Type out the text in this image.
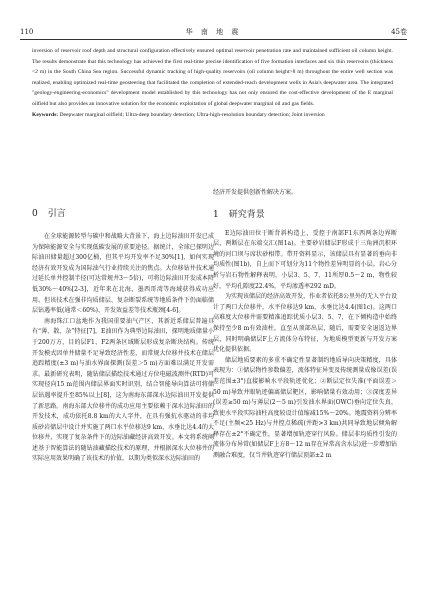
110	华 南 地 震	45卷

inversion of reservoir roof depth and structural configuration effectively ensured optimal reservoir penetration rate and maintained sufficient oil column height. The results demonstrate that this technology has achieved the first real-time precise identification of five formation interfaces and six thin reservoirs (thickness <2 m) in the South China Sea region. Successful dynamic tracking of high-quality reservoirs (oil column height>8 m) throughout the entire well section was realized, enabling optimized real-time geosteering that facilitated the completion of extended-reach development wells in Asia's deepwater area. The integrated "geology-engineering-economics" development model established by this technology has not only ensured the cost-effective development of the E marginal oilfield but also provides an innovative solution for the economic exploitation of global deepwater marginal oil and gas fields.

Keywords: Deepwater marginal oilfield; Ultra-deep boundary detection; Ultra-high-resolution boundary detection; Joint inversion

0 引言

在全球能源转型与碳中和战略大背景下，海上边际油田开发已成为保障能源安全与实现低碳发展的重要途径。据统计，全球已探明边际油田储量超过300亿桶，但其平均开发率不足30%[1]，如何实现经济有效开发成为国际油气行业持续关注的焦点。大位移钻井技术通过延长单井控制半径(可达常规井3～5倍)，可将边际油田开发成本降低30%～40%[2-3]，近年来在北海、墨西哥湾等海域获得成功应用。但该技术在强非均质储层、复杂断裂系统等地质条件下仍面临储层钻遇率低(通常＜60%)、开发效益差等技术瓶颈[4-6]。

南海珠江口盆地作为我国重要油气产区，其新近系储层普遍具有“薄、散、杂”特征[7]，E油田作为典型边际油田，探明地质储量小于200万方，目的层F1、F2两条区域断层形成复杂断块结构。传统开发模式因单井储量不足导致经济性差，而常规大位移井技术在储层追踪精度(±3 m)与油水界面探测(误差＞5 m)方面难以满足开发需求。最新研究表明，随钻储层描绘技术通过方位电磁波测井(RTD)可实现径向15 m范围内储层界面实时识别，结合智能导向算法可将储层钻遇率提升至85%以上[8]，这为南海东部深水边际油田开发提供了新思路。南海东部大位移井的成功应用主要依赖于深水边际油田的开发技术，成功依托8.8 km的大人字井，在具有强抗水驱动的非均质砂岩储层中设计并实施了两口水平位移达9 km、水垂比达4.4的大位移井，实现了复杂条件下的边际油藏经济高效开发。本文将系统阐述基于智能算法的随钻油藏描绘技术的原理，并根据深水大位移井的实际应用效果明确了该技术的价值，以期为类似深水边际油田的

经济开发提供创新性解决方案。

1 研究背景

E边际油田位于断背斜构造上，受控于南部F1东西两条边界断层，两断层在东端交汇(图1a)。主要砂岩储层F形成于三角洲沉积环境的河口坝与席状砂相带。带开资料显示，该储层具有显著的垂向非均质性(图1b)，自上而下可划分为11个物性差异明显的小层。岩心分析与岩石物性解释表明，小层3、5、7、11所厚0.5～2 m，物性较好，平均孔隙度22.4%，平均渗透率292 mD。

为实现该储层的经济高效开发，作业者依托8公里外的无人平台设计了两口大位移井，水平位移达9 km，水垂比达4.4(图1c)。这两口高难度大位移井需要精准追踪优质小层3、5、7，在下倾构造中始终保持至少8 m有效油柱，直至从顶部出层，随后，需要安全退返边界层，同时明确储层F上方流体分布特征，为地质模型更新与开发方案优化提供依据。

储层地质要素的多重不确定性显著制约地质导向决策精度，具体表现为：①储层物性参数偏差，流体特征异变及传统测量成像误差(误差范围±3°)直接影响水平段轨迹优化；②断层定位失准(平面误差＞50 m)导致井眼轨迹偏离储层靶区，影响储量有效动用；③深度差异(误差≥50 m)与薄层(2～5 m)引发油水界面(OWC)垂向定位失真，致使水平段实际油柱高度较设计值缩减15%～20%。地震资料分辨率不足(主频<25 Hz)与井控点稀疏(井距>3 km)共同导致地层倾角解释存在±2°不确定性，显著增加轨迹穿行风险。储层非均质性引发的流体分布异常(如储层F上方8～12 m存在异常高含水层)进一步增加钻测融合难度，仅当井轨迹穿行储层顶部±2 m
